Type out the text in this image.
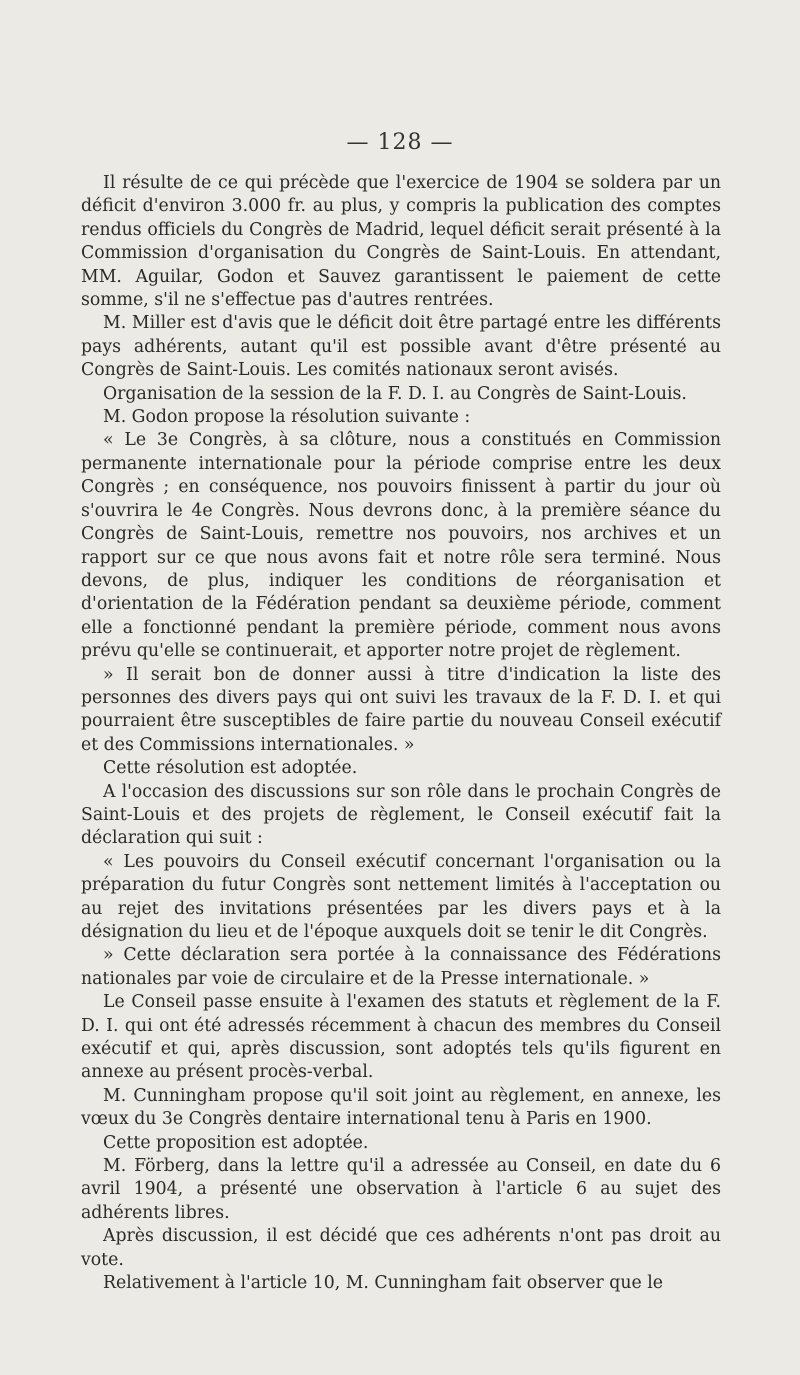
— 128 —

Il résulte de ce qui précède que l'exercice de 1904 se soldera par un déficit d'environ 3.000 fr. au plus, y compris la publication des comptes rendus officiels du Congrès de Madrid, lequel déficit serait présenté à la Commission d'organisation du Congrès de Saint-Louis. En attendant, MM. Aguilar, Godon et Sauvez garantissent le paiement de cette somme, s'il ne s'effectue pas d'autres rentrées.

M. Miller est d'avis que le déficit doit être partagé entre les différents pays adhérents, autant qu'il est possible avant d'être présenté au Congrès de Saint-Louis. Les comités nationaux seront avisés.

Organisation de la session de la F. D. I. au Congrès de Saint-Louis.

M. Godon propose la résolution suivante :

« Le 3e Congrès, à sa clôture, nous a constitués en Commission permanente internationale pour la période comprise entre les deux Congrès ; en conséquence, nos pouvoirs finissent à partir du jour où s'ouvrira le 4e Congrès. Nous devrons donc, à la première séance du Congrès de Saint-Louis, remettre nos pouvoirs, nos archives et un rapport sur ce que nous avons fait et notre rôle sera terminé. Nous devons, de plus, indiquer les conditions de réorganisation et d'orientation de la Fédération pendant sa deuxième période, comment elle a fonctionné pendant la première période, comment nous avons prévu qu'elle se continuerait, et apporter notre projet de règlement.

» Il serait bon de donner aussi à titre d'indication la liste des personnes des divers pays qui ont suivi les travaux de la F. D. I. et qui pourraient être susceptibles de faire partie du nouveau Conseil exécutif et des Commissions internationales. »

Cette résolution est adoptée.

A l'occasion des discussions sur son rôle dans le prochain Congrès de Saint-Louis et des projets de règlement, le Conseil exécutif fait la déclaration qui suit :

« Les pouvoirs du Conseil exécutif concernant l'organisation ou la préparation du futur Congrès sont nettement limités à l'acceptation ou au rejet des invitations présentées par les divers pays et à la désignation du lieu et de l'époque auxquels doit se tenir le dit Congrès.

» Cette déclaration sera portée à la connaissance des Fédérations nationales par voie de circulaire et de la Presse internationale. »

Le Conseil passe ensuite à l'examen des statuts et règlement de la F. D. I. qui ont été adressés récemment à chacun des membres du Conseil exécutif et qui, après discussion, sont adoptés tels qu'ils figurent en annexe au présent procès-verbal.

M. Cunningham propose qu'il soit joint au règlement, en annexe, les vœux du 3e Congrès dentaire international tenu à Paris en 1900.

Cette proposition est adoptée.

M. Förberg, dans la lettre qu'il a adressée au Conseil, en date du 6 avril 1904, a présenté une observation à l'article 6 au sujet des adhérents libres.

Après discussion, il est décidé que ces adhérents n'ont pas droit au vote.

Relativement à l'article 10, M. Cunningham fait observer que le
